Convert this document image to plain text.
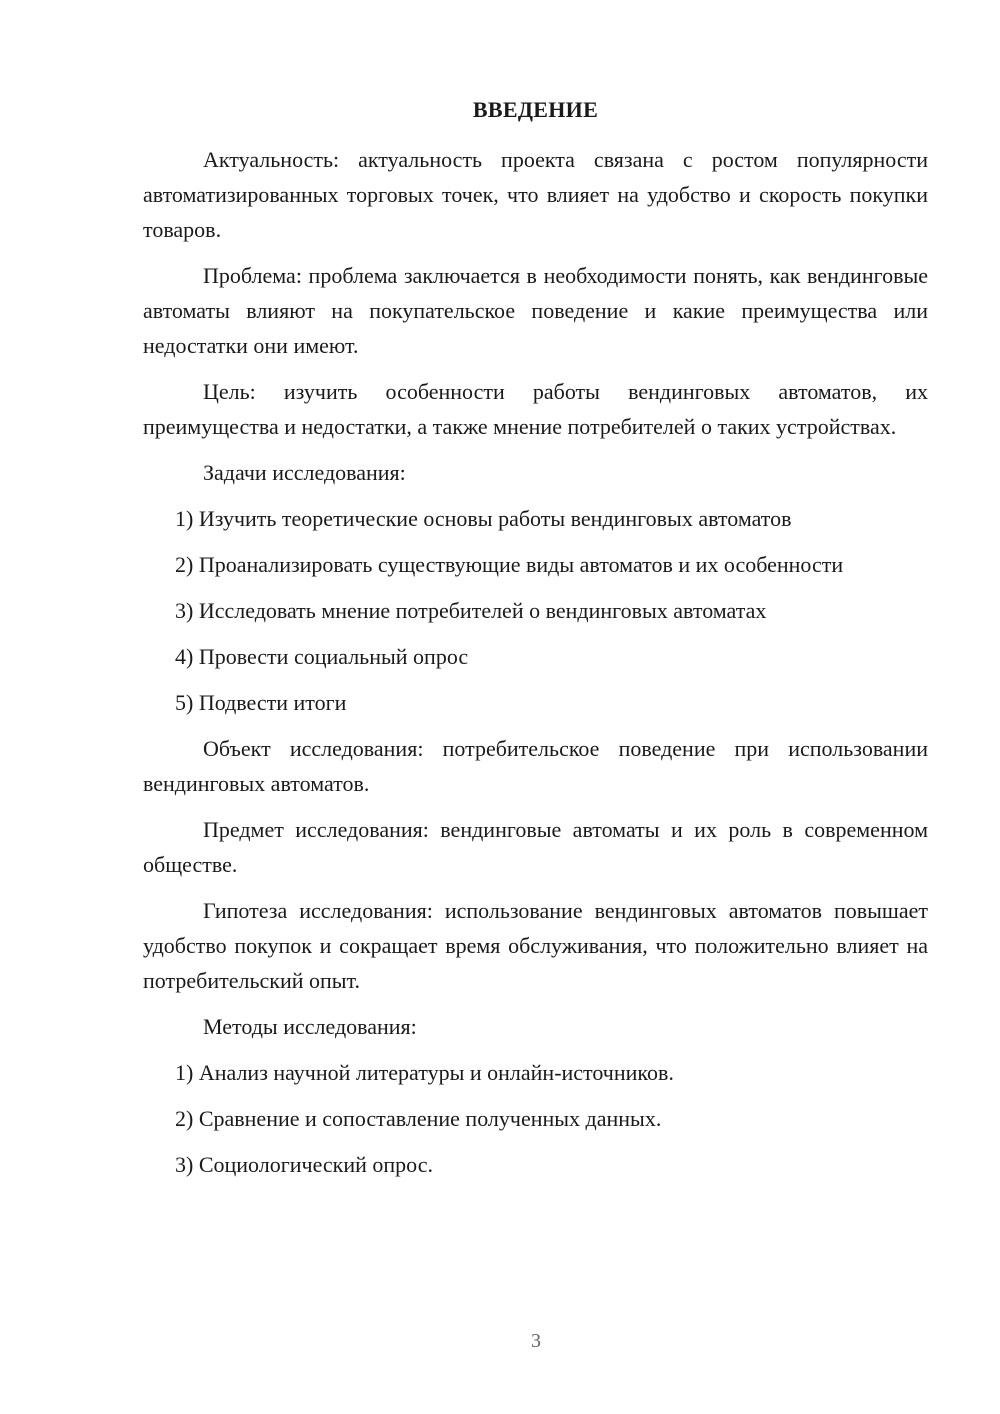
ВВЕДЕНИЕ

Актуальность: актуальность проекта связана с ростом популярности автоматизированных торговых точек, что влияет на удобство и скорость покупки товаров.

Проблема: проблема заключается в необходимости понять, как вендинговые автоматы влияют на покупательское поведение и какие преимущества или недостатки они имеют.

Цель: изучить особенности работы вендинговых автоматов, их преимущества и недостатки, а также мнение потребителей о таких устройствах.

Задачи исследования:

1) Изучить теоретические основы работы вендинговых автоматов

2) Проанализировать существующие виды автоматов и их особенности

3) Исследовать мнение потребителей о вендинговых автоматах

4) Провести социальный опрос

5) Подвести итоги

Объект исследования: потребительское поведение при использовании вендинговых автоматов.

Предмет исследования: вендинговые автоматы и их роль в современном обществе.

Гипотеза исследования: использование вендинговых автоматов повышает удобство покупок и сокращает время обслуживания, что положительно влияет на потребительский опыт.

Методы исследования:

1) Анализ научной литературы и онлайн-источников.

2) Сравнение и сопоставление полученных данных.

3) Социологический опрос.

3
